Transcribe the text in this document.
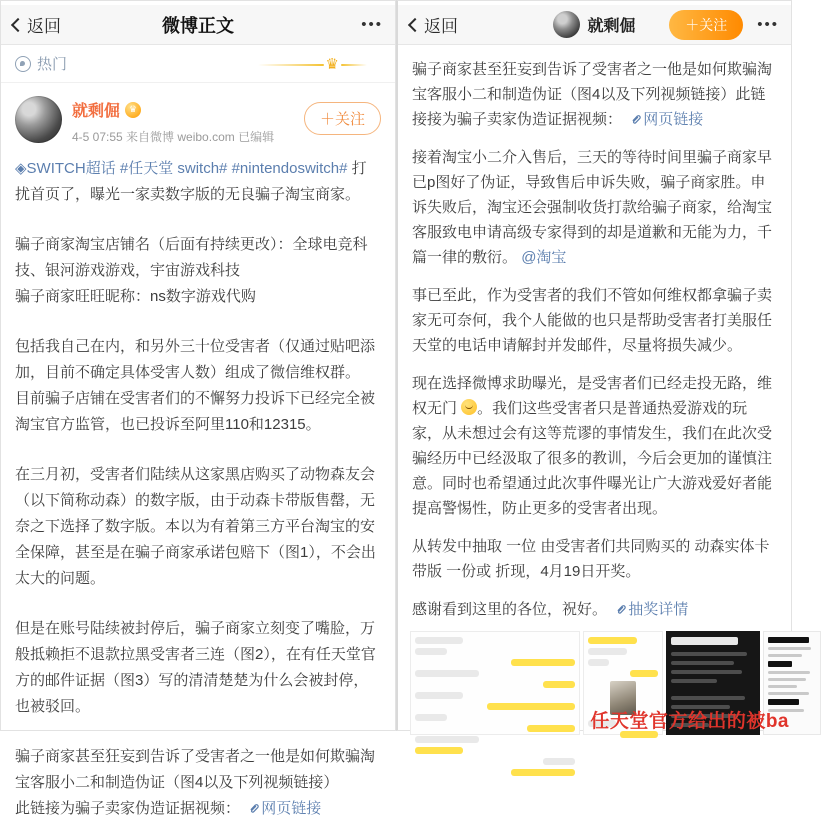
返回	微博正文	•••
热门	♛
就剩倔 ♛
4-5 07:55 来自微博 weibo.com 已编辑
＋关注
◈SWITCH超话 #任天堂 switch# #nintendoswitch# 打扰首页了，曝光一家卖数字版的无良骗子淘宝商家。
骗子商家淘宝店铺名（后面有持续更改）：全球电竞科技、银河游戏游戏，宇宙游戏科技
骗子商家旺旺昵称：ns数字游戏代购
包括我自己在内，和另外三十位受害者（仅通过贴吧添加，目前不确定具体受害人数）组成了微信维权群。
目前骗子店铺在受害者们的不懈努力投诉下已经完全被淘宝官方监管，也已投诉至阿里110和12315。
在三月初，受害者们陆续从这家黑店购买了动物森友会（以下简称动森）的数字版，由于动森卡带版售罄，无奈之下选择了数字版。本以为有着第三方平台淘宝的安全保障，甚至是在骗子商家承诺包赔下（图1），不会出太大的问题。
但是在账号陆续被封停后，骗子商家立刻变了嘴脸，万般抵赖拒不退款拉黑受害者三连（图2），在有任天堂官方的邮件证据（图3）写的清清楚楚为什么会被封停，也被驳回。
骗子商家甚至狂妄到告诉了受害者之一他是如何欺骗淘宝客服小二和制造伪证（图4以及下列视频链接）
此链接为骗子卖家伪造证据视频： 网页链接
返回	就剩倔	＋关注	•••
骗子商家甚至狂妄到告诉了受害者之一他是如何欺骗淘宝客服小二和制造伪证（图4以及下列视频链接）此链接接为骗子卖家伪造证据视频： 网页链接
接着淘宝小二介入售后，三天的等待时间里骗子商家早已p图好了伪证，导致售后申诉失败，骗子商家胜。申诉失败后，淘宝还会强制收货打款给骗子商家，给淘宝客服致电申请高级专家得到的却是道歉和无能为力，千篇一律的敷衍。 @淘宝
事已至此，作为受害者的我们不管如何维权都拿骗子卖家无可奈何，我个人能做的也只是帮助受害者打美服任天堂的电话申请解封并发邮件，尽量将损失减少。
现在选择微博求助曝光，是受害者们已经走投无路，维权无门 。我们这些受害者只是普通热爱游戏的玩家，从未想过会有这等荒谬的事情发生，我们在此次受骗经历中已经汲取了很多的教训，今后会更加的谨慎注意。同时也希望通过此次事件曝光让广大游戏爱好者能提高警惕性，防止更多的受害者出现。
从转发中抽取 一位 由受害者们共同购买的 动森实体卡带版 一份或 折现，4月19日开奖。
感谢看到这里的各位，祝好。 抽奖详情
任天堂官方给出的被ba
